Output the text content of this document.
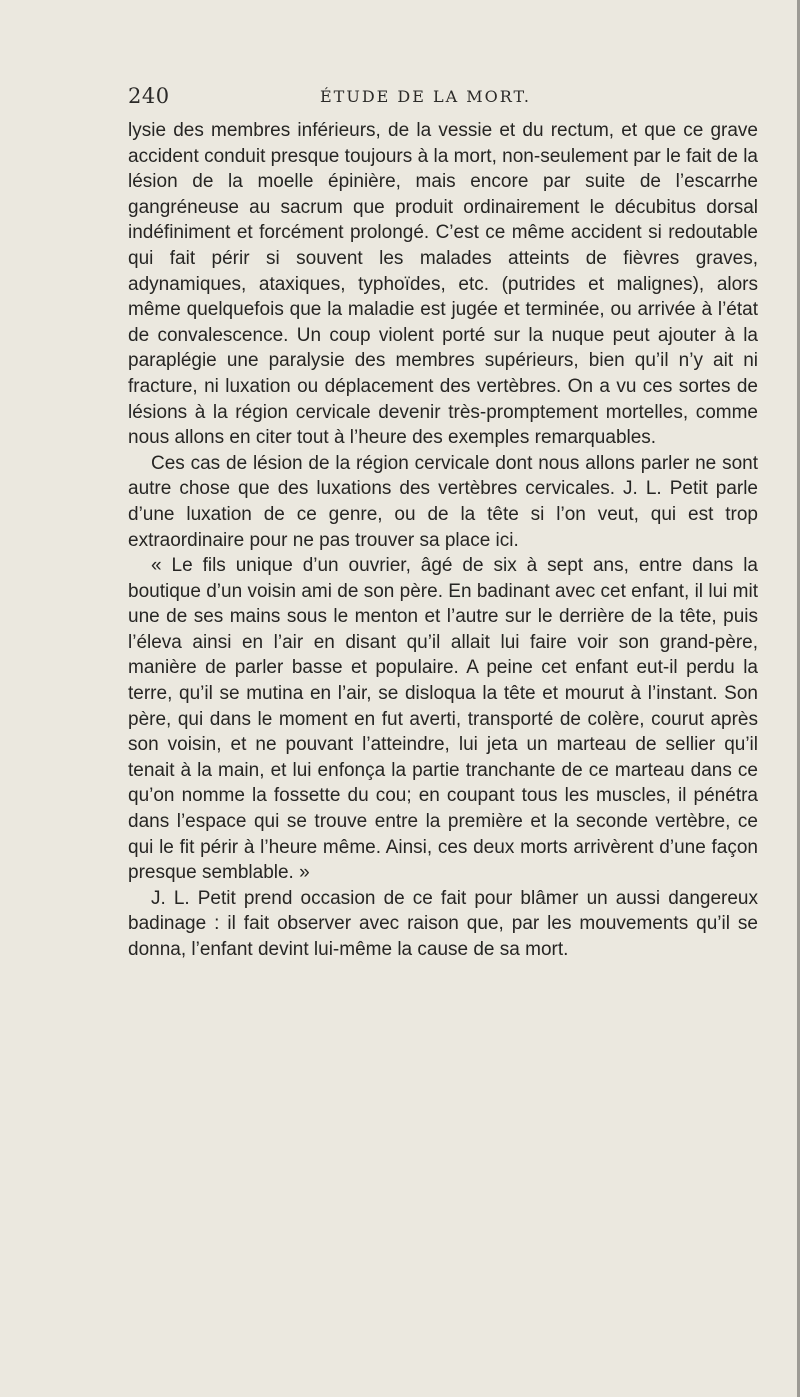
240	ÉTUDE DE LA MORT.

lysie des membres inférieurs, de la vessie et du rectum, et que ce grave accident conduit presque toujours à la mort, non-seulement par le fait de la lésion de la moelle épinière, mais encore par suite de l’escarrhe gangréneuse au sacrum que produit ordinairement le décubitus dorsal indéfiniment et forcément prolongé. C’est ce même accident si redoutable qui fait périr si souvent les malades atteints de fièvres graves, adynamiques, ataxiques, typhoïdes, etc. (putrides et malignes), alors même quelquefois que la maladie est jugée et terminée, ou arrivée à l’état de convalescence. Un coup violent porté sur la nuque peut ajouter à la paraplégie une paralysie des membres supérieurs, bien qu’il n’y ait ni fracture, ni luxation ou déplacement des vertèbres. On a vu ces sortes de lésions à la région cervicale devenir très-promptement mortelles, comme nous allons en citer tout à l’heure des exemples remarquables.

Ces cas de lésion de la région cervicale dont nous allons parler ne sont autre chose que des luxations des vertèbres cervicales. J. L. Petit parle d’une luxation de ce genre, ou de la tête si l’on veut, qui est trop extraordinaire pour ne pas trouver sa place ici.

« Le fils unique d’un ouvrier, âgé de six à sept ans, entre dans la boutique d’un voisin ami de son père. En badinant avec cet enfant, il lui mit une de ses mains sous le menton et l’autre sur le derrière de la tête, puis l’éleva ainsi en l’air en disant qu’il allait lui faire voir son grand-père, manière de parler basse et populaire. A peine cet enfant eut-il perdu la terre, qu’il se mutina en l’air, se disloqua la tête et mourut à l’instant. Son père, qui dans le moment en fut averti, transporté de colère, courut après son voisin, et ne pouvant l’atteindre, lui jeta un marteau de sellier qu’il tenait à la main, et lui enfonça la partie tranchante de ce marteau dans ce qu’on nomme la fossette du cou; en coupant tous les muscles, il pénétra dans l’espace qui se trouve entre la première et la seconde vertèbre, ce qui le fit périr à l’heure même. Ainsi, ces deux morts arrivèrent d’une façon presque semblable. »

J. L. Petit prend occasion de ce fait pour blâmer un aussi dangereux badinage : il fait observer avec raison que, par les mouvements qu’il se donna, l’enfant devint lui-même la cause de sa mort.
